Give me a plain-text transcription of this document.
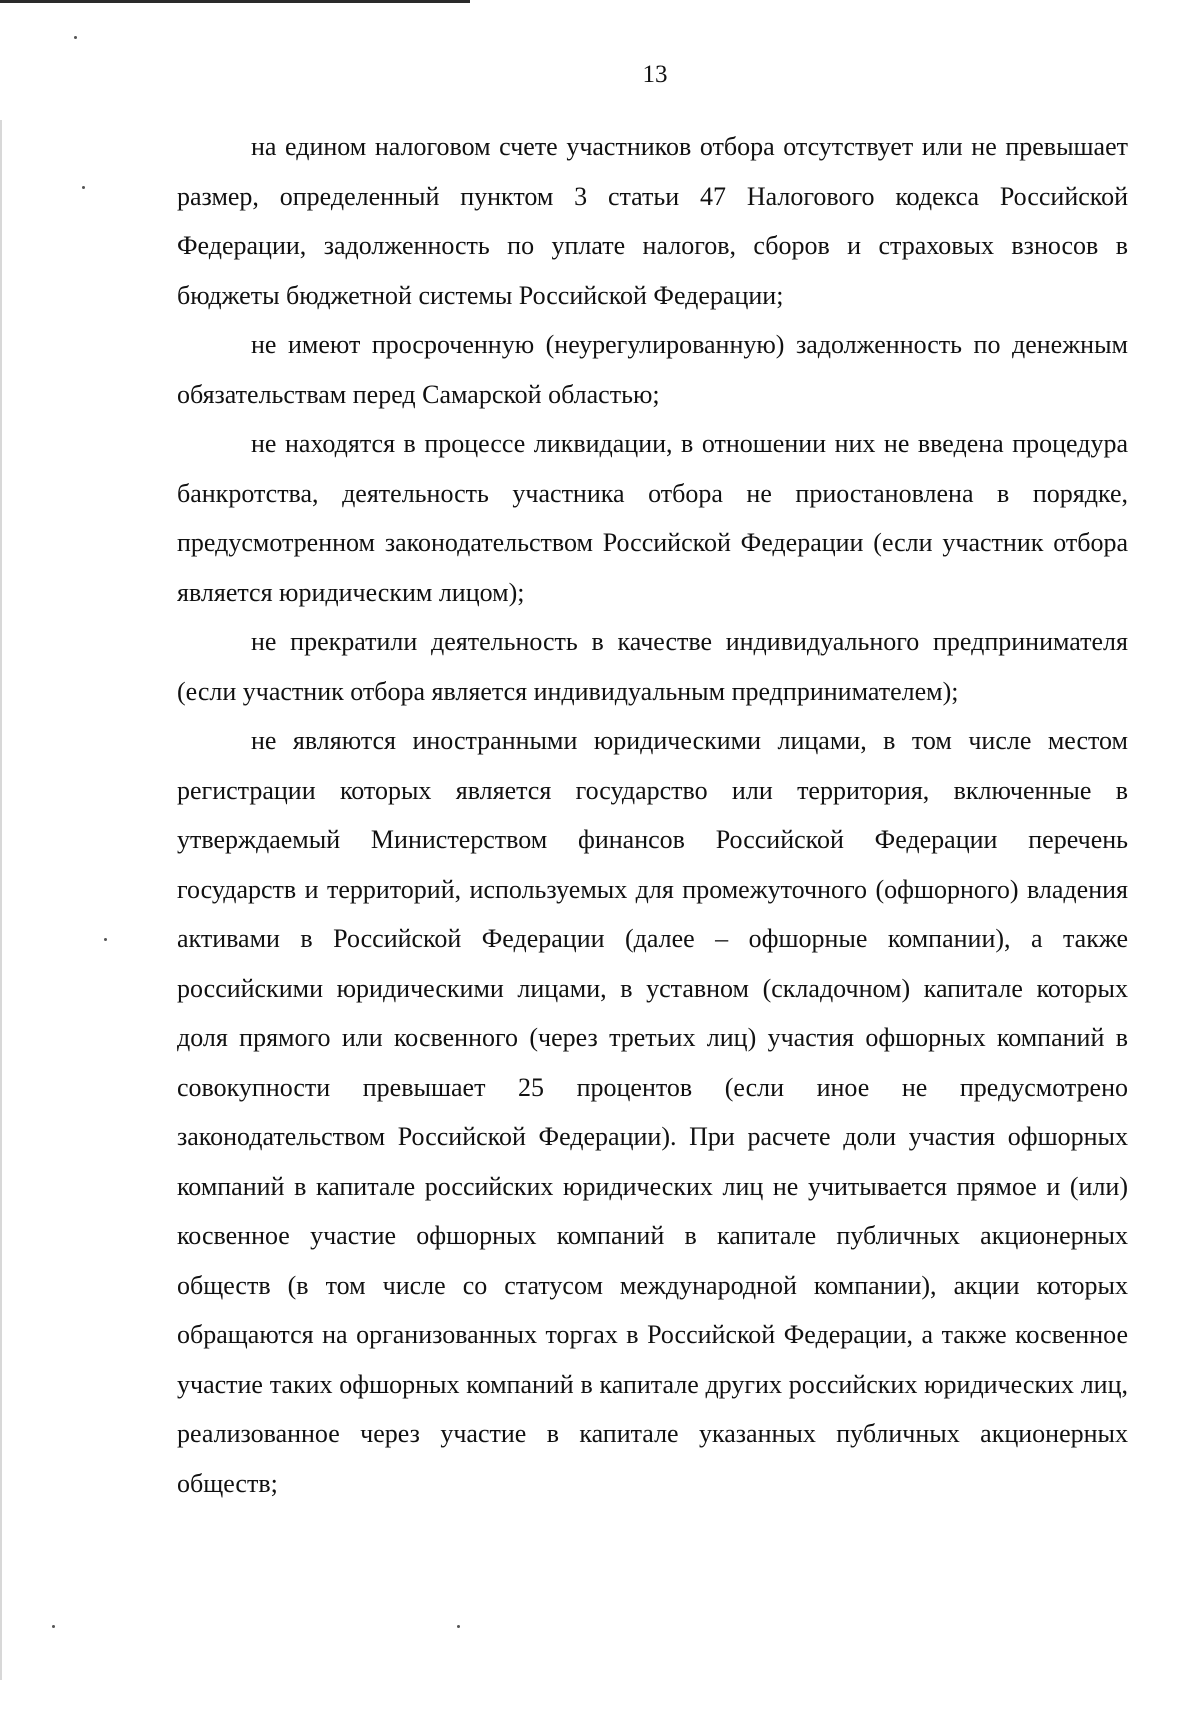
13

на едином налоговом счете участников отбора отсутствует или не превышает размер, определенный пунктом 3 статьи 47 Налогового кодекса Российской Федерации, задолженность по уплате налогов, сборов и страховых взносов в бюджеты бюджетной системы Российской Федерации;

не имеют просроченную (неурегулированную) задолженность по денежным обязательствам перед Самарской областью;

не находятся в процессе ликвидации, в отношении них не введена процедура банкротства, деятельность участника отбора не приостановлена в порядке, предусмотренном законодательством Российской Федерации (если участник отбора является юридическим лицом);

не прекратили деятельность в качестве индивидуального предпринимателя (если участник отбора является индивидуальным предпринимателем);

не являются иностранными юридическими лицами, в том числе местом регистрации которых является государство или территория, включенные в утверждаемый Министерством финансов Российской Федерации перечень государств и территорий, используемых для промежуточного (офшорного) владения активами в Российской Федерации (далее – офшорные компании), а также российскими юридическими лицами, в уставном (складочном) капитале которых доля прямого или косвенного (через третьих лиц) участия офшорных компаний в совокупности превышает 25 процентов (если иное не предусмотрено законодательством Российской Федерации). При расчете доли участия офшорных компаний в капитале российских юридических лиц не учитывается прямое и (или) косвенное участие офшорных компаний в капитале публичных акционерных обществ (в том числе со статусом международной компании), акции которых обращаются на организованных торгах в Российской Федерации, а также косвенное участие таких офшорных компаний в капитале других российских юридических лиц, реализованное через участие в капитале указанных публичных акционерных обществ;
